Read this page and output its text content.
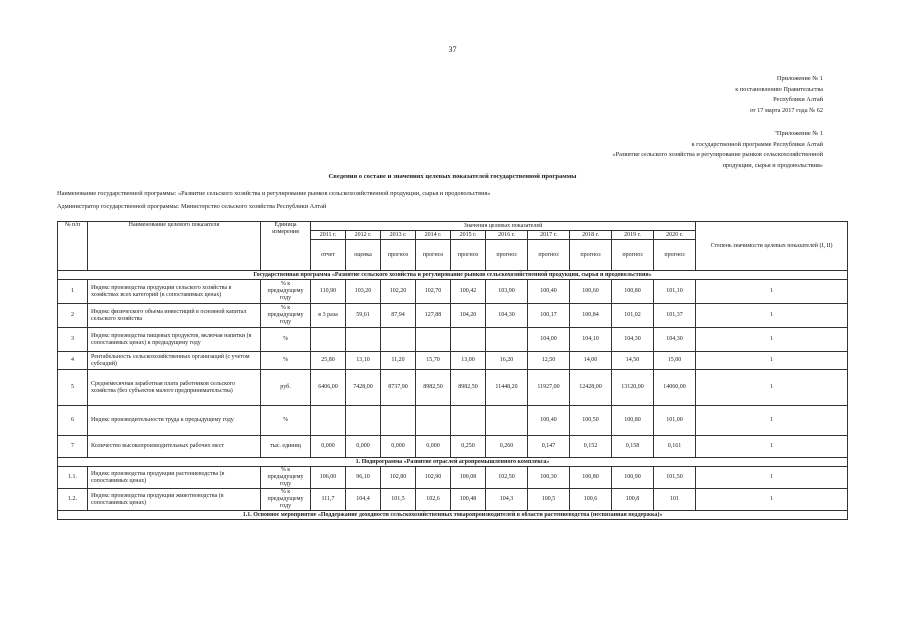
37
Приложение № 1
к постановлению Правительства
Республики Алтай
от 17 марта 2017 года № 62
"Приложение № 1
к государственной программе Республики Алтай
«Развитие сельского хозяйства и регулирование рынков сельскохозяйственной
продукции, сырья и продовольствия»
Сведения о составе и значениях целевых показателей государственной программы
Наименование государственной программы: «Развитие сельского хозяйства и регулирование рынков сельскохозяйственной продукции, сырья и продовольствия»
Администратор государственной программы: Министерство сельского хозяйства Республики Алтай
№ п/п	Наименование целевого показателя	Единица измерения	Значения целевых показателей										Степень значимости целевых показателей (I, II)
			2011 г.	2012 г.	2013 г.	2014 г.	2015 г.	2016 г.	2017 г.	2018 г.	2019 г.	2020 г.	
			отчет	оценка	прогноз	прогноз	прогноз	прогноз	прогноз	прогноз	прогноз	прогноз	
Государственная программа «Развитие сельского хозяйства и регулирование рынков сельскохозяйственной продукции, сырья и продовольствия»													
1	Индекс производства продукции сельского хозяйства в хозяйствах всех категорий (в сопоставимых ценах)	% к предыдущему году	110,90	103,20	102,20	102,70	100,42	103,90	100,40	100,60	100,80	101,10	1
2	Индекс физического объема инвестиций в основной капитал сельского хозяйства	% к предыдущему году	в 3 раза	59,61	87,94	127,88	104,20	104,30	100,17	100,84	101,02	101,37	1
3	Индекс производства пищевых продуктов, включая напитки (в сопоставимых ценах) к предыдущему году	%							104,00	104,10	104,30	104,30	1
4	Рентабельность сельскохозяйственных организаций (с учетом субсидий)	%	25,80	13,10	11,20	15,70	13,00	16,20	12,50	14,00	14,50	15,00	1
5	Среднемесячная заработная плата работников сельского хозяйства (без субъектов малого предпринимательства)	руб.	6406,00	7428,00	8737,90	8982,50	8982,50	11448,20	11927,00	12428,00	13120,00	14060,00	1
6	Индекс производительности труда к предыдущему году	%							100,40	100,50	100,80	101,00	1
7	Количество высокопроизводительных рабочих мест	тыс. единиц	0,000	0,000	0,000	0,000	0,250	0,260	0,147	0,152	0,158	0,161	1
1. Подпрограмма «Развитие отраслей агропромышленного комплекса»													
1.1.	Индекс производства продукции растениеводства (в сопоставимых ценах)	% к предыдущему году	106,00	96,10	102,80	102,90	100,08	102,50	100,30	100,80	100,90	101,50	1
1.2.	Индекс производства продукции животноводства (в сопоставимых ценах)	% к предыдущему году	111,7	104,4	101,5	102,6	100,48	104,3	100,5	100,6	100,8	101	1
1.1. Основное мероприятие «Поддержание доходности сельскохозяйственных товаропроизводителей в области растениеводства (несвязанная поддержка)»													
